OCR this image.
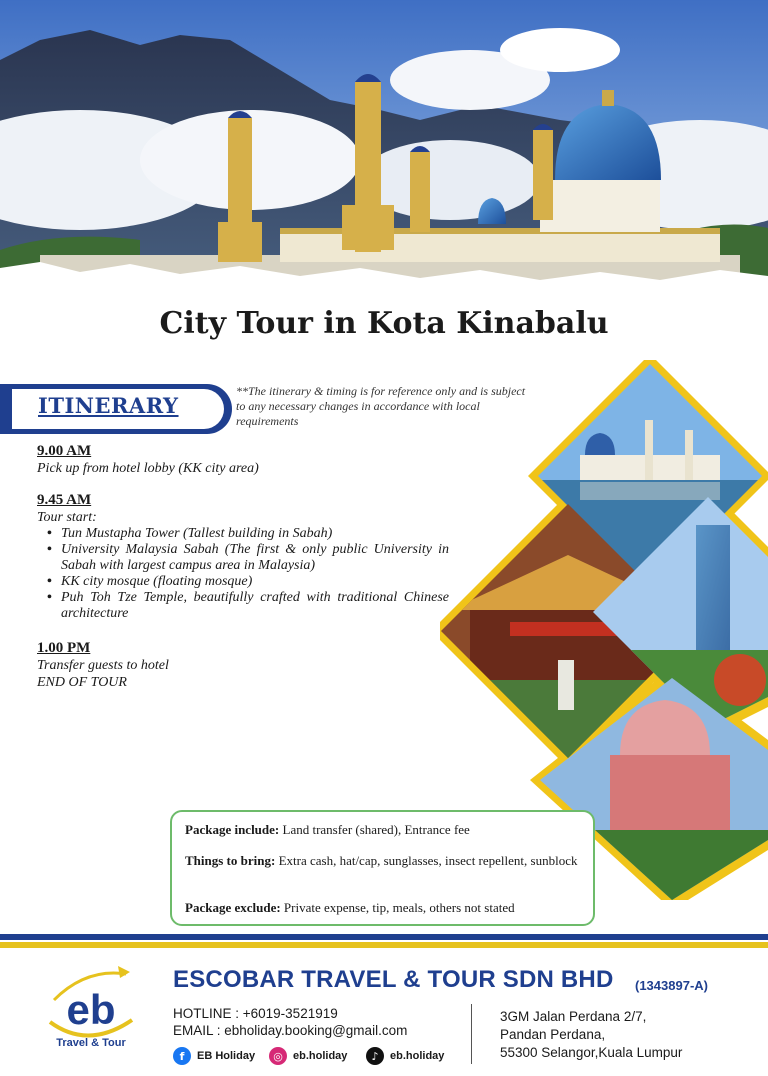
City Tour in Kota Kinabalu
ITINERARY

**The itinerary & timing is for reference only and is subject to any necessary changes in accordance with local requirements

9.00 AM
Pick up from hotel lobby (KK city area)
9.45 AM
Tour start:
• Tun Mustapha Tower (Tallest building in Sabah)
• University Malaysia Sabah (The first & only public University in Sabah with largest campus area in Malaysia)
• KK city mosque (floating mosque)
• Puh Toh Tze Temple, beautifully crafted with traditional Chinese architecture
1.00 PM
Transfer guests to hotel
END OF TOUR
Package include: Land transfer (shared), Entrance fee
Things to bring: Extra cash, hat/cap, sunglasses, insect repellent, sunblock
Package exclude: Private expense, tip, meals, others not stated
eb
Travel & Tour
ESCOBAR TRAVEL & TOUR SDN BHD (1343897-A)
HOTLINE : +6019-3521919
EMAIL : ebholiday.booking@gmail.com
3GM Jalan Perdana 2/7,
Pandan Perdana,
55300 Selangor,Kuala Lumpur
f	EB Holiday	◎ eb.holiday	♪	eb.holiday
